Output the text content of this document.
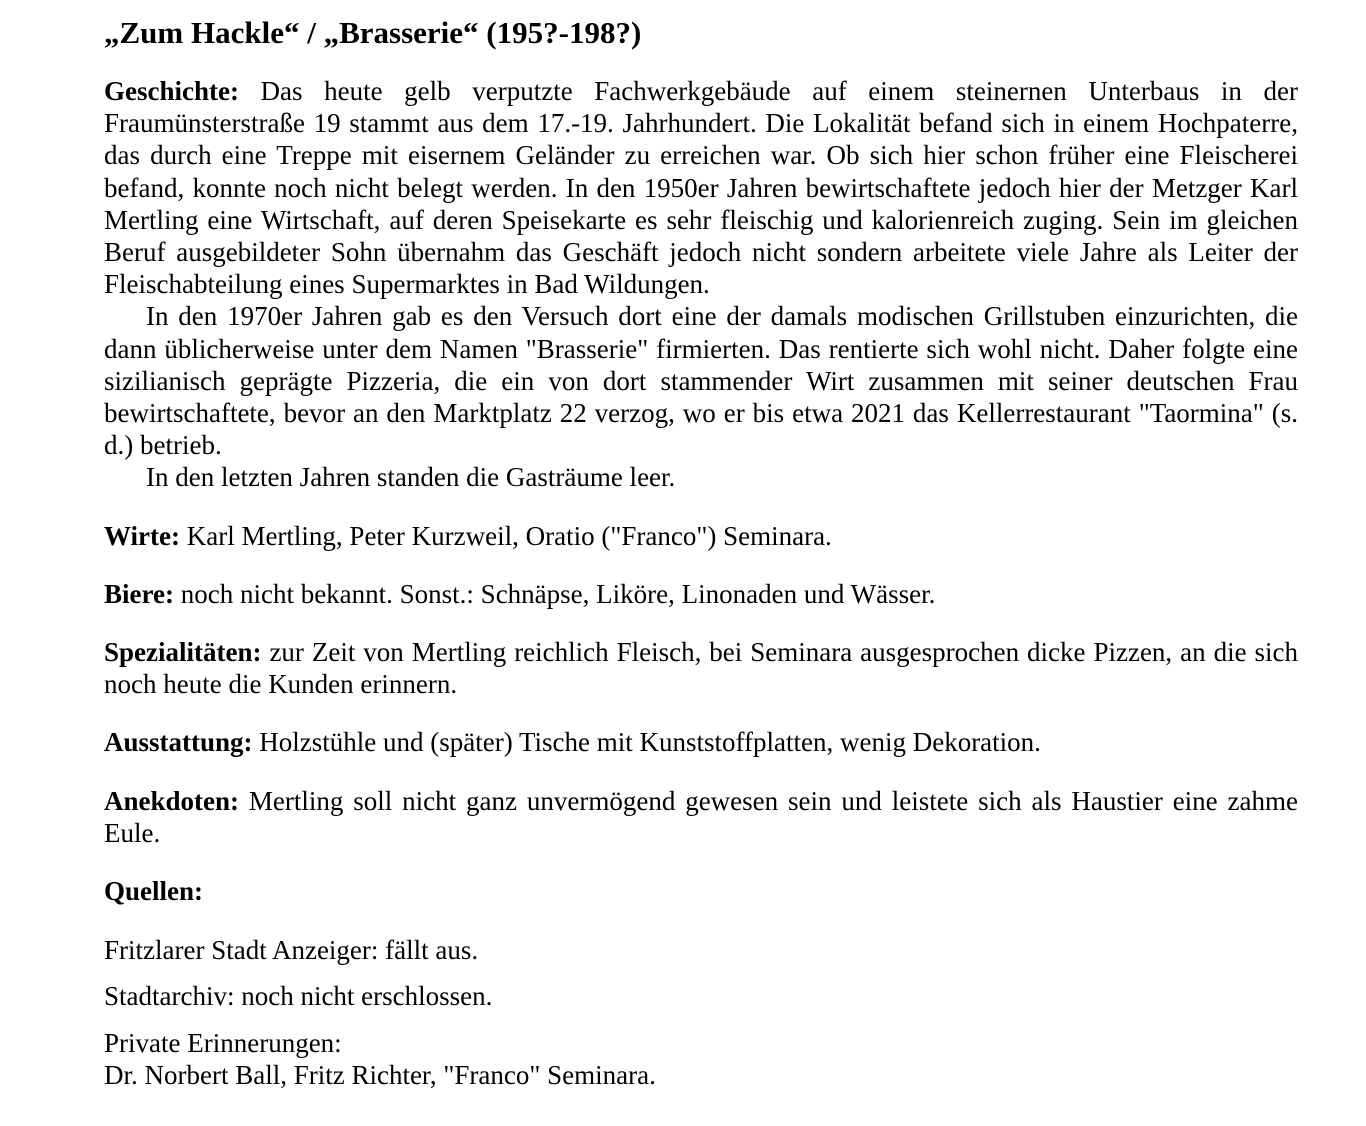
„Zum Hackle“ / „Brasserie“ (195?-198?)

Geschichte: Das heute gelb verputzte Fachwerkgebäude auf einem steinernen Unterbaus in der Fraumünsterstraße 19 stammt aus dem 17.-19. Jahrhundert. Die Lokalität befand sich in einem Hochpaterre, das durch eine Treppe mit eisernem Geländer zu erreichen war. Ob sich hier schon früher eine Fleischerei befand, konnte noch nicht belegt werden. In den 1950er Jahren bewirtschaftete jedoch hier der Metzger Karl Mertling eine Wirtschaft, auf deren Speisekarte es sehr fleischig und kalorienreich zuging. Sein im gleichen Beruf ausgebildeter Sohn übernahm das Geschäft jedoch nicht sondern arbeitete viele Jahre als Leiter der Fleischabteilung eines Supermarktes in Bad Wildungen.

In den 1970er Jahren gab es den Versuch dort eine der damals modischen Grillstuben einzurichten, die dann üblicherweise unter dem Namen "Brasserie" firmierten. Das rentierte sich wohl nicht. Daher folgte eine sizilianisch geprägte Pizzeria, die ein von dort stammender Wirt zusammen mit seiner deutschen Frau bewirtschaftete, bevor an den Marktplatz 22 verzog, wo er bis etwa 2021 das Kellerrestaurant "Taormina" (s. d.) betrieb.

In den letzten Jahren standen die Gasträume leer.

Wirte: Karl Mertling, Peter Kurzweil, Oratio ("Franco") Seminara.

Biere: noch nicht bekannt. Sonst.: Schnäpse, Liköre, Linonaden und Wässer.

Spezialitäten: zur Zeit von Mertling reichlich Fleisch, bei Seminara ausgesprochen dicke Pizzen, an die sich noch heute die Kunden erinnern.

Ausstattung: Holzstühle und (später) Tische mit Kunststoffplatten, wenig Dekoration.

Anekdoten: Mertling soll nicht ganz unvermögend gewesen sein und leistete sich als Haustier eine zahme Eule.

Quellen:

Fritzlarer Stadt Anzeiger: fällt aus.

Stadtarchiv: noch nicht erschlossen.

Private Erinnerungen:

Dr. Norbert Ball, Fritz Richter, "Franco" Seminara.
